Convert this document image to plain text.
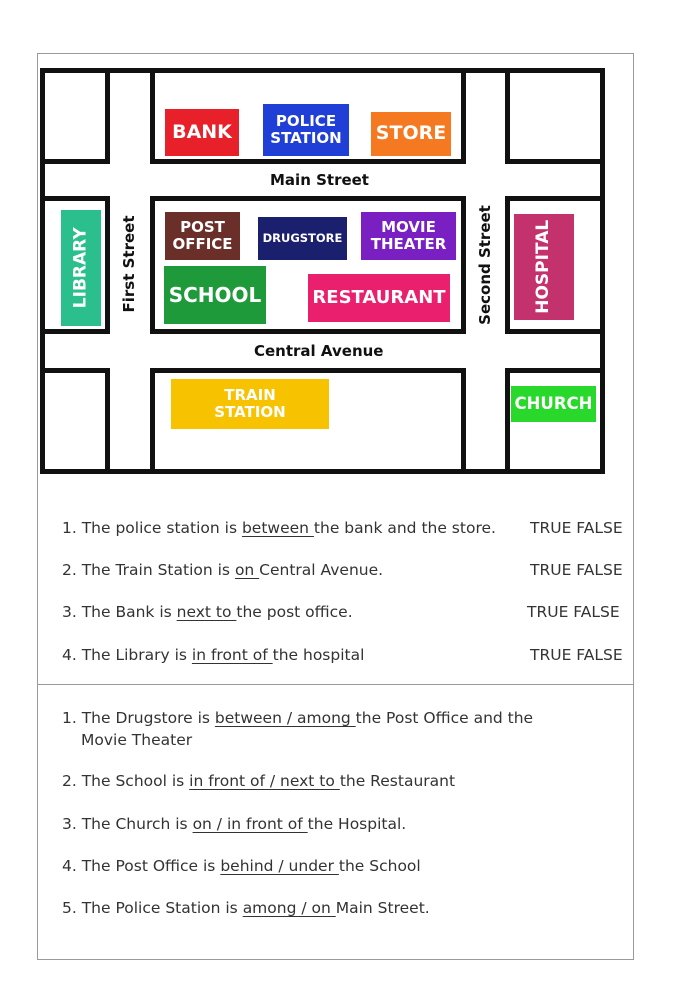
Main Street
Central Avenue
First Street	Second Street
BANK	POLICE
STATION STORE
POST
OFFICE	DRUGSTORE
MOVIE
THEATER
SCHOOL	RESTAURANT
LIBRARY	HOSPITAL
TRAIN
STATION	CHURCH
1. The police station is between the bank and the store. TRUE FALSE
2. The Train Station is on Central Avenue.	TRUE FALSE
3. The Bank is next to the post office.	TRUE FALSE
4. The Library is in front of the hospital	TRUE FALSE
1. The Drugstore is between / among the Post Office and the
Movie Theater
2. The School is in front of / next to the Restaurant
3. The Church is on / in front of the Hospital.
4. The Post Office is behind / under the School
5. The Police Station is among / on Main Street.
